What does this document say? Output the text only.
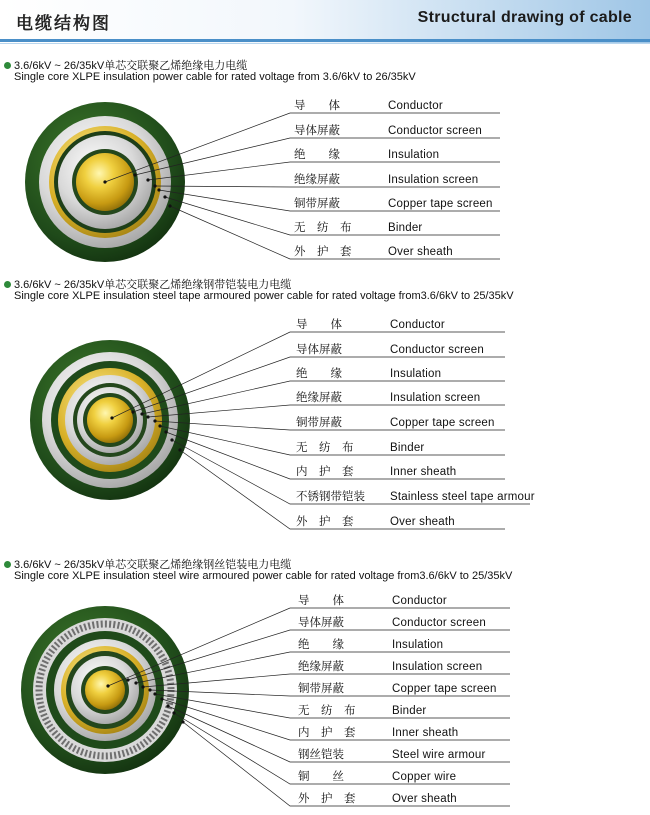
电缆结构图	Structural drawing of cable
3.6/6kV ~ 26/35kV单芯交联聚乙烯绝缘电力电缆
Single core XLPE insulation power cable for rated voltage from 3.6/6kV to 26/35kV
3.6/6kV ~ 26/35kV单芯交联聚乙烯绝缘钢带铠装电力电缆
Single core XLPE insulation steel tape armoured power cable for rated voltage from3.6/6kV to 25/35kV
3.6/6kV ~ 26/35kV单芯交联聚乙烯绝缘钢丝铠装电力电缆
Single core XLPE insulation steel wire armoured power cable for rated voltage from3.6/6kV to 25/35kV
导　　体	Conductor
导体屏蔽	Conductor screen
绝　　缘	Insulation
绝缘屏蔽	Insulation screen
铜带屏蔽	Copper tape screen
无　纺　布	Binder
外　护　套	Over sheath
导　　体	Conductor
导体屏蔽	Conductor screen
绝　　缘	Insulation
绝缘屏蔽	Insulation screen
铜带屏蔽	Copper tape screen
无　纺　布	Binder
内　护　套	Inner sheath
不锈钢带铠装 Stainless steel tape armour
外　护　套	Over sheath
导　　体	Conductor
导体屏蔽	Conductor screen
绝　　缘	Insulation
绝缘屏蔽	Insulation screen
铜带屏蔽	Copper tape screen
无　纺　布	Binder
内　护　套	Inner sheath
钢丝铠装	Steel wire armour
铜　　丝	Copper wire
外　护　套	Over sheath
